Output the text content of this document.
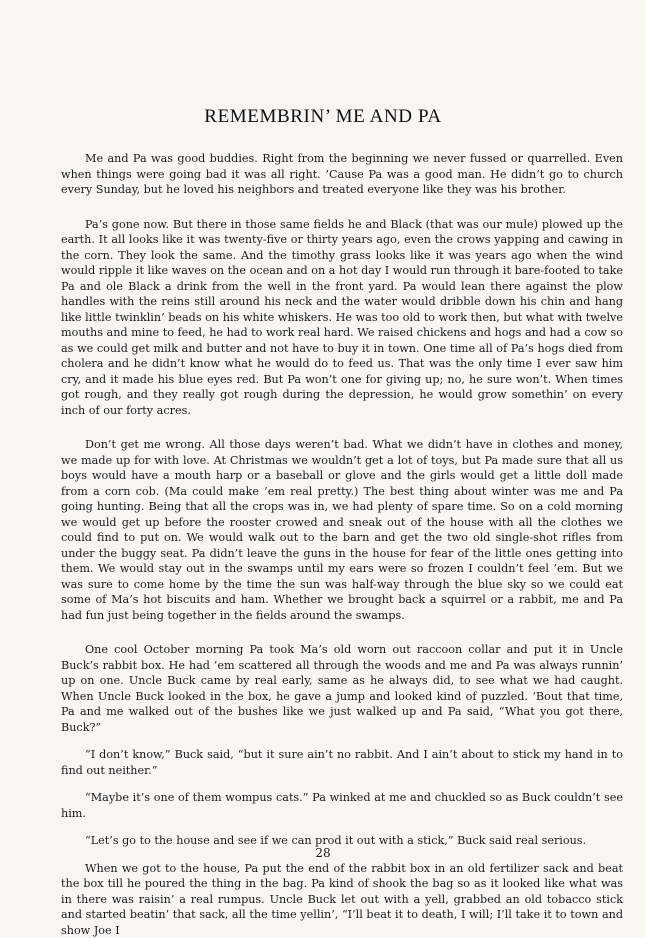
REMEMBRIN’ ME AND PA

Me and Pa was good buddies. Right from the beginning we never fussed or quarrelled. Even when things were going bad it was all right. ’Cause Pa was a good man. He didn’t go to church every Sunday, but he loved his neighbors and treated everyone like they was his brother.

Pa’s gone now. But there in those same fields he and Black (that was our mule) plowed up the earth. It all looks like it was twenty-five or thirty years ago, even the crows yapping and cawing in the corn. They look the same. And the timothy grass looks like it was years ago when the wind would ripple it like waves on the ocean and on a hot day I would run through it bare-footed to take Pa and ole Black a drink from the well in the front yard. Pa would lean there against the plow handles with the reins still around his neck and the water would dribble down his chin and hang like little twinklin’ beads on his white whiskers. He was too old to work then, but what with twelve mouths and mine to feed, he had to work real hard. We raised chickens and hogs and had a cow so as we could get milk and butter and not have to buy it in town. One time all of Pa’s hogs died from cholera and he didn’t know what he would do to feed us. That was the only time I ever saw him cry, and it made his blue eyes red. But Pa won’t one for giving up; no, he sure won’t. When times got rough, and they really got rough during the depression, he would grow somethin’ on every inch of our forty acres.

Don’t get me wrong. All those days weren’t bad. What we didn’t have in clothes and money, we made up for with love. At Christmas we wouldn’t get a lot of toys, but Pa made sure that all us boys would have a mouth harp or a baseball or glove and the girls would get a little doll made from a corn cob. (Ma could make ’em real pretty.) The best thing about winter was me and Pa going hunting. Being that all the crops was in, we had plenty of spare time. So on a cold morning we would get up before the rooster crowed and sneak out of the house with all the clothes we could find to put on. We would walk out to the barn and get the two old single-shot rifles from under the buggy seat. Pa didn’t leave the guns in the house for fear of the little ones getting into them. We would stay out in the swamps until my ears were so frozen I couldn’t feel ’em. But we was sure to come home by the time the sun was half-way through the blue sky so we could eat some of Ma’s hot biscuits and ham. Whether we brought back a squirrel or a rabbit, me and Pa had fun just being together in the fields around the swamps.

One cool October morning Pa took Ma’s old worn out raccoon collar and put it in Uncle Buck’s rabbit box. He had ’em scattered all through the woods and me and Pa was always runnin’ up on one. Uncle Buck came by real early, same as he always did, to see what we had caught. When Uncle Buck looked in the box, he gave a jump and looked kind of puzzled. ‘Bout that time, Pa and me walked out of the bushes like we just walked up and Pa said, “What you got there, Buck?”

“I don’t know,” Buck said, “but it sure ain’t no rabbit. And I ain’t about to stick my hand in to find out neither.”

“Maybe it’s one of them wompus cats.” Pa winked at me and chuckled so as Buck couldn’t see him.

“Let’s go to the house and see if we can prod it out with a stick,” Buck said real serious.

When we got to the house, Pa put the end of the rabbit box in an old fertilizer sack and beat the box till he poured the thing in the bag. Pa kind of shook the bag so as it looked like what was in there was raisin’ a real rumpus. Uncle Buck let out with a yell, grabbed an old tobacco stick and started beatin’ that sack, all the time yellin’, “I’ll beat it to death, I will; I’ll take it to town and show Joe I

28
